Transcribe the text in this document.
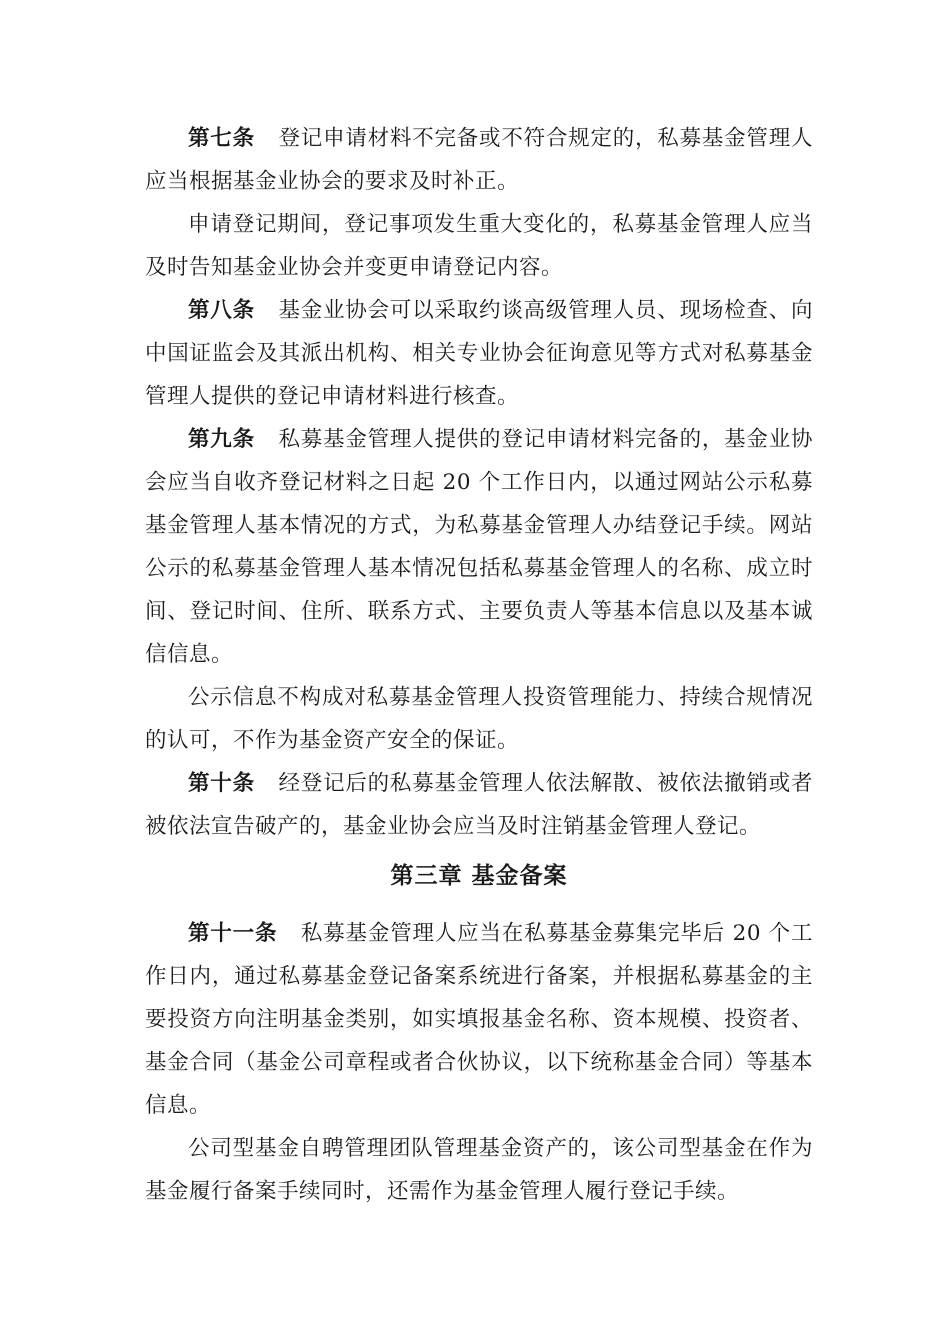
第七条 登记申请材料不完备或不符合规定的，私募基金管理人应当根据基金业协会的要求及时补正。

申请登记期间，登记事项发生重大变化的，私募基金管理人应当及时告知基金业协会并变更申请登记内容。

第八条 基金业协会可以采取约谈高级管理人员、现场检查、向中国证监会及其派出机构、相关专业协会征询意见等方式对私募基金管理人提供的登记申请材料进行核查。

第九条 私募基金管理人提供的登记申请材料完备的，基金业协会应当自收齐登记材料之日起 20 个工作日内，以通过网站公示私募基金管理人基本情况的方式，为私募基金管理人办结登记手续。网站公示的私募基金管理人基本情况包括私募基金管理人的名称、成立时间、登记时间、住所、联系方式、主要负责人等基本信息以及基本诚信信息。

公示信息不构成对私募基金管理人投资管理能力、持续合规情况的认可，不作为基金资产安全的保证。

第十条 经登记后的私募基金管理人依法解散、被依法撤销或者被依法宣告破产的，基金业协会应当及时注销基金管理人登记。

第三章 基金备案

第十一条 私募基金管理人应当在私募基金募集完毕后 20 个工作日内，通过私募基金登记备案系统进行备案，并根据私募基金的主要投资方向注明基金类别，如实填报基金名称、资本规模、投资者、基金合同（基金公司章程或者合伙协议，以下统称基金合同）等基本信息。

公司型基金自聘管理团队管理基金资产的，该公司型基金在作为基金履行备案手续同时，还需作为基金管理人履行登记手续。
